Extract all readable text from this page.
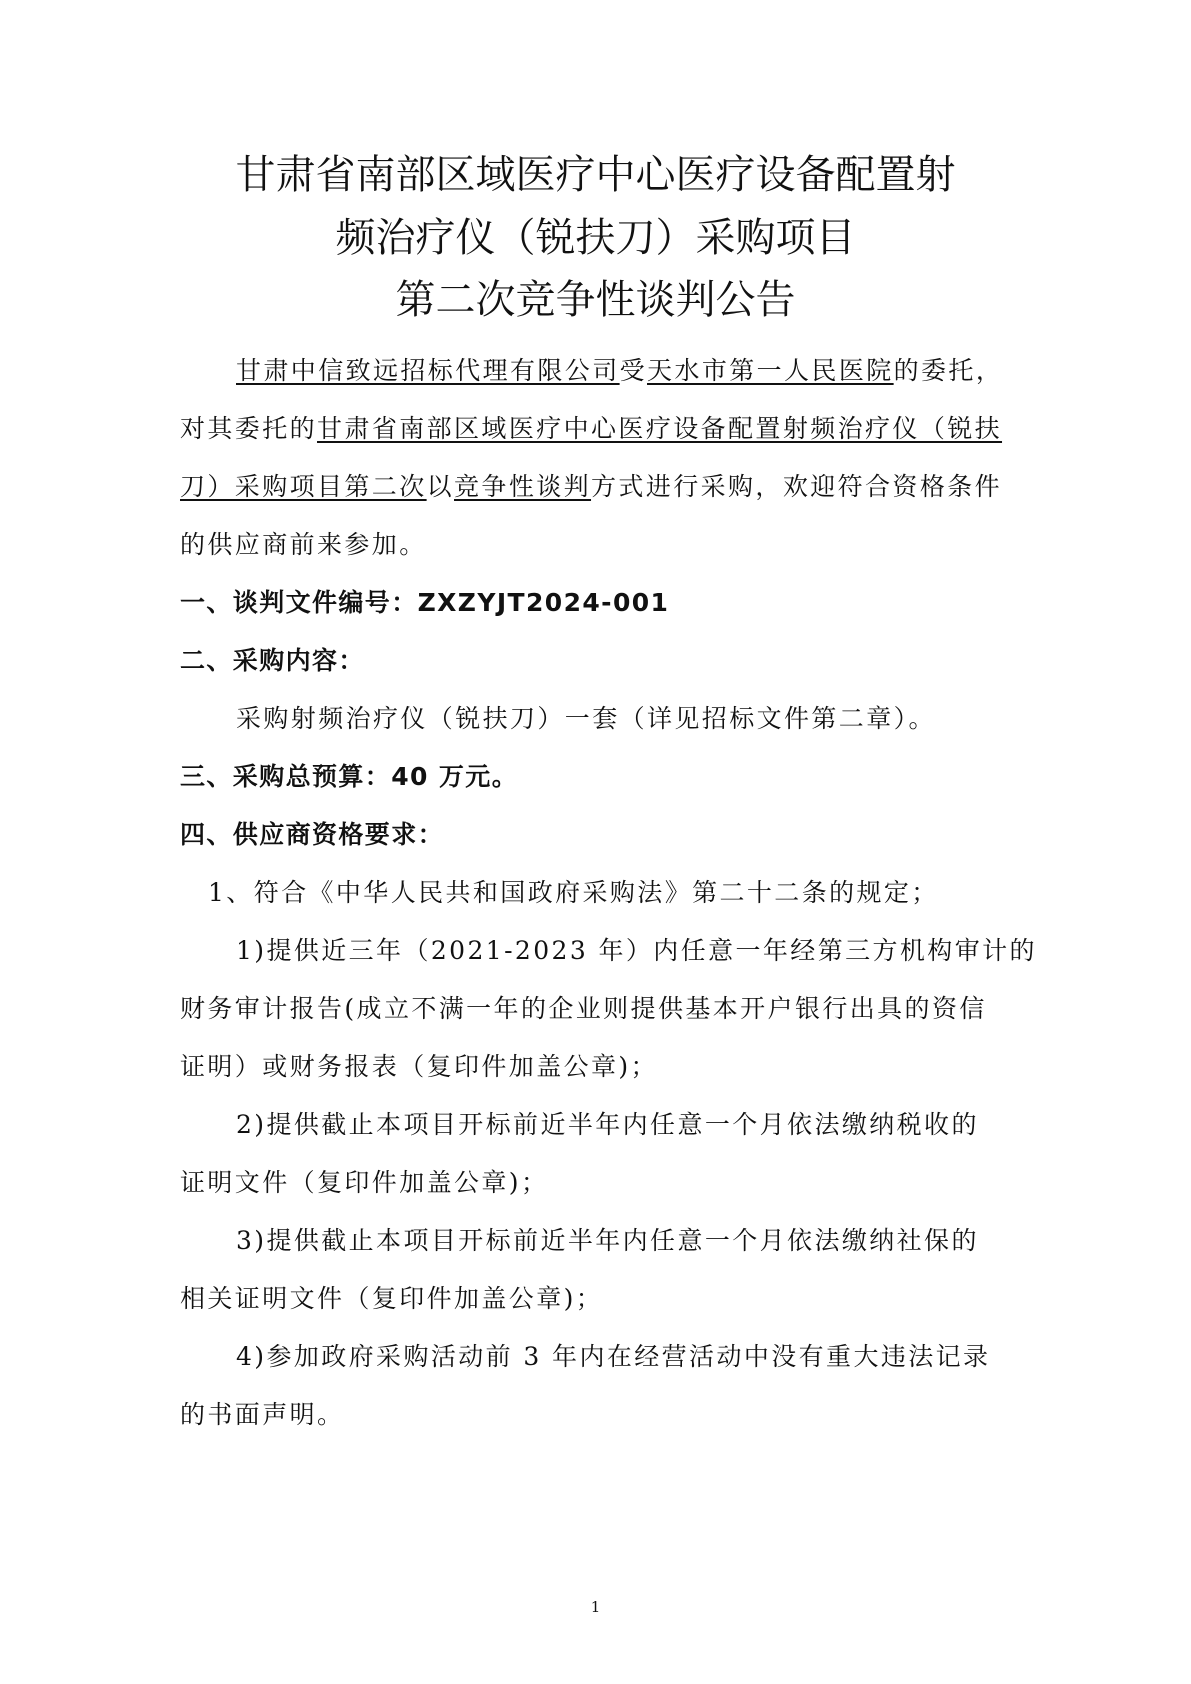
甘肃省南部区域医疗中心医疗设备配置射
频治疗仪（锐扶刀）采购项目
第二次竞争性谈判公告
甘肃中信致远招标代理有限公司受天水市第一人民医院的委托，
对其委托的甘肃省南部区域医疗中心医疗设备配置射频治疗仪（锐扶
刀）采购项目第二次以竞争性谈判方式进行采购，欢迎符合资格条件
的供应商前来参加。
一、谈判文件编号：ZXZYJT2024-001
二、采购内容：
采购射频治疗仪（锐扶刀）一套（详见招标文件第二章）。
三、采购总预算：40 万元。
四、供应商资格要求：
1、符合《中华人民共和国政府采购法》第二十二条的规定；
1)提供近三年（2021-2023 年）内任意一年经第三方机构审计的
财务审计报告(成立不满一年的企业则提供基本开户银行出具的资信
证明）或财务报表（复印件加盖公章)；
2)提供截止本项目开标前近半年内任意一个月依法缴纳税收的
证明文件（复印件加盖公章)；
3)提供截止本项目开标前近半年内任意一个月依法缴纳社保的
相关证明文件（复印件加盖公章)；
4)参加政府采购活动前 3 年内在经营活动中没有重大违法记录
的书面声明。
1
